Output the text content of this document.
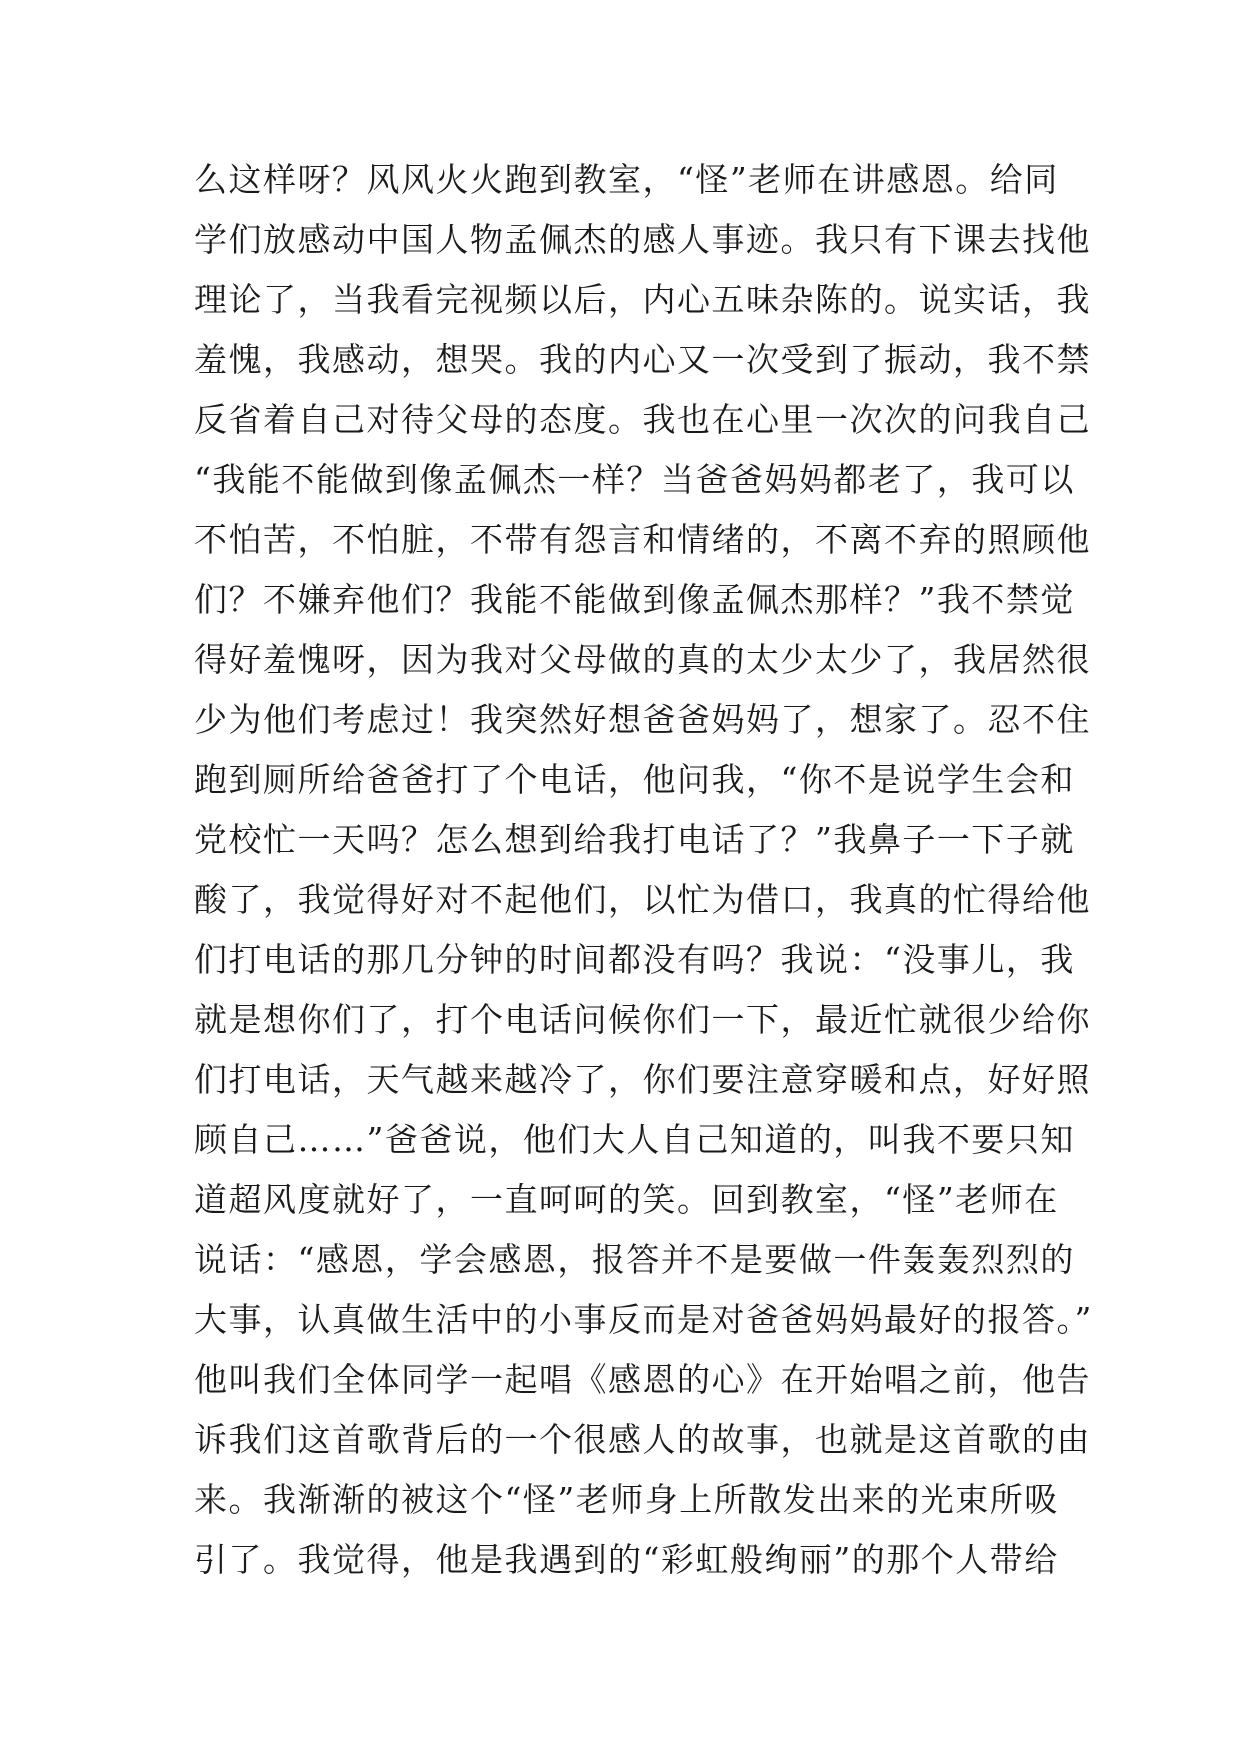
么这样呀？风风火火跑到教室，“怪”老师在讲感恩。给同
学们放感动中国人物孟佩杰的感人事迹。我只有下课去找他
理论了，当我看完视频以后，内心五味杂陈的。说实话，我
羞愧，我感动，想哭。我的内心又一次受到了振动，我不禁
反省着自己对待父母的态度。我也在心里一次次的问我自己
“我能不能做到像孟佩杰一样？当爸爸妈妈都老了，我可以
不怕苦，不怕脏，不带有怨言和情绪的，不离不弃的照顾他
们？不嫌弃他们？我能不能做到像孟佩杰那样？”我不禁觉
得好羞愧呀，因为我对父母做的真的太少太少了，我居然很
少为他们考虑过！我突然好想爸爸妈妈了，想家了。忍不住
跑到厕所给爸爸打了个电话，他问我，“你不是说学生会和
党校忙一天吗？怎么想到给我打电话了？”我鼻子一下子就
酸了，我觉得好对不起他们，以忙为借口，我真的忙得给他
们打电话的那几分钟的时间都没有吗？我说：“没事儿，我
就是想你们了，打个电话问候你们一下，最近忙就很少给你
们打电话，天气越来越冷了，你们要注意穿暖和点，好好照
顾自己……”爸爸说，他们大人自己知道的，叫我不要只知
道超风度就好了，一直呵呵的笑。回到教室，“怪”老师在
说话：“感恩，学会感恩，报答并不是要做一件轰轰烈烈的
大事，认真做生活中的小事反而是对爸爸妈妈最好的报答。”
他叫我们全体同学一起唱《感恩的心》在开始唱之前，他告
诉我们这首歌背后的一个很感人的故事，也就是这首歌的由
来。我渐渐的被这个“怪”老师身上所散发出来的光束所吸
引了。我觉得，他是我遇到的“彩虹般绚丽”的那个人带给
